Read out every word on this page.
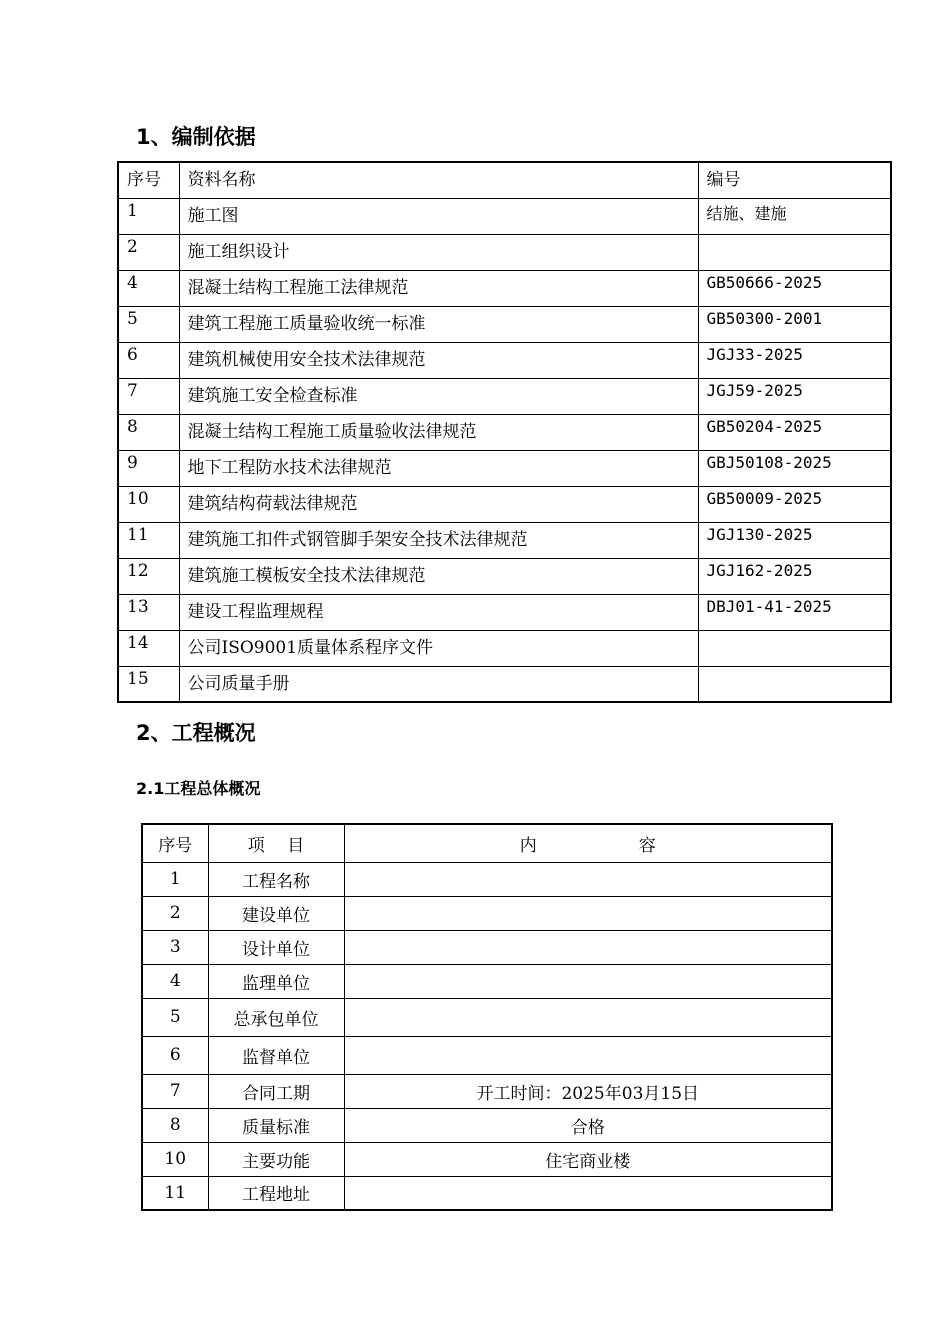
1、编制依据
序号	资料名称	编号
1	施工图	结施、建施
2	施工组织设计	
4	混凝土结构工程施工法律规范	GB50666-2025
5	建筑工程施工质量验收统一标准	GB50300-2001
6	建筑机械使用安全技术法律规范	JGJ33-2025
7	建筑施工安全检查标准	JGJ59-2025
8	混凝土结构工程施工质量验收法律规范	GB50204-2025
9	地下工程防水技术法律规范	GBJ50108-2025
10	建筑结构荷载法律规范	GB50009-2025
11	建筑施工扣件式钢管脚手架安全技术法律规范	JGJ130-2025
12	建筑施工模板安全技术法律规范	JGJ162-2025
13	建设工程监理规程	DBJ01-41-2025
14	公司ISO9001质量体系程序文件	
15	公司质量手册	
2、工程概况
2.1工程总体概况
序号	项　 目	内　　　　　　容
1	工程名称	
2	建设单位	
3	设计单位	
4	监理单位	
5	总承包单位	
6	监督单位	
7	合同工期	开工时间：2025年03月15日
8	质量标准	合格
10	主要功能	住宅商业楼
11	工程地址	
